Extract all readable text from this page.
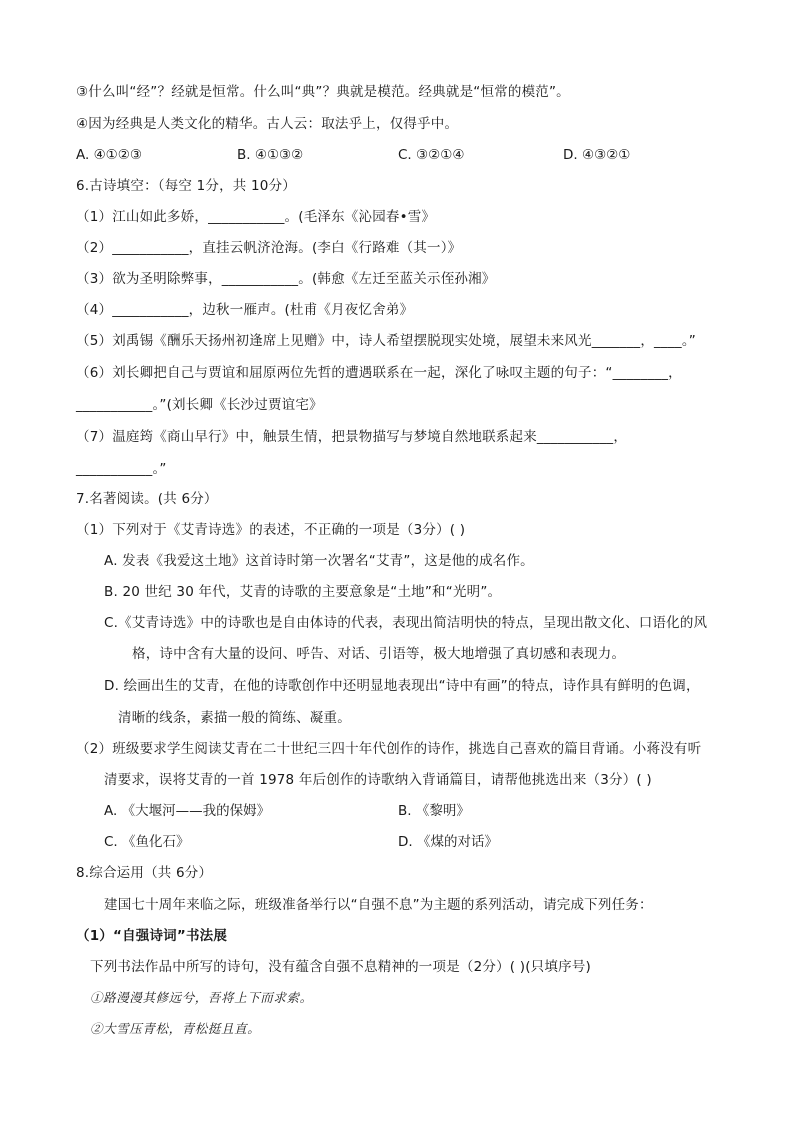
③什么叫“经”？经就是恒常。什么叫“典”？典就是模范。经典就是“恒常的模范”。
④因为经典是人类文化的精华。古人云：取法乎上，仅得乎中。
A. ④①②③	B. ④①③②	C. ③②①④	D. ④③②①
6.古诗填空：（每空 1分，共 10分）
（1）江山如此多娇，___________。(毛泽东《沁园春•雪》
（2）___________，直挂云帆济沧海。(李白《行路难（其一）》
（3）欲为圣明除弊事，___________。(韩愈《左迁至蓝关示侄孙湘》
（4）___________，边秋一雁声。(杜甫《月夜忆舍弟》
（5）刘禹锡《酬乐天扬州初逢席上见赠》中，诗人希望摆脱现实处境，展望未来风光_______，____。”
（6）刘长卿把自己与贾谊和屈原两位先哲的遭遇联系在一起，深化了咏叹主题的句子：“________，
___________。”(刘长卿《长沙过贾谊宅》
（7）温庭筠《商山早行》中，触景生情，把景物描写与梦境自然地联系起来___________，
___________。”
7.名著阅读。(共 6分）
（1）下列对于《艾青诗选》的表述，不正确的一项是（3分）( )
A. 发表《我爱这土地》这首诗时第一次署名“艾青”，这是他的成名作。
B. 20 世纪 30 年代，艾青的诗歌的主要意象是“土地”和“光明”。
C.《艾青诗选》中的诗歌也是自由体诗的代表，表现出简洁明快的特点，呈现出散文化、口语化的风
格，诗中含有大量的设问、呼告、对话、引语等，极大地增强了真切感和表现力。
D. 绘画出生的艾青，在他的诗歌创作中还明显地表现出“诗中有画”的特点，诗作具有鲜明的色调，
清晰的线条，素描一般的简练、凝重。
（2）班级要求学生阅读艾青在二十世纪三四十年代创作的诗作，挑选自己喜欢的篇目背诵。小蒋没有听
清要求，误将艾青的一首 1978 年后创作的诗歌纳入背诵篇目，请帮他挑选出来（3分）( )
A. 《大堰河——我的保姆》	B. 《黎明》
C. 《鱼化石》	D. 《煤的对话》
8.综合运用（共 6分）
建国七十周年来临之际，班级准备举行以“自强不息”为主题的系列活动，请完成下列任务：
（1）“自强诗词”书法展
下列书法作品中所写的诗句，没有蕴含自强不息精神的一项是（2分）( )(只填序号)
①路漫漫其修远兮，吾将上下而求索。
②大雪压青松，青松挺且直。
